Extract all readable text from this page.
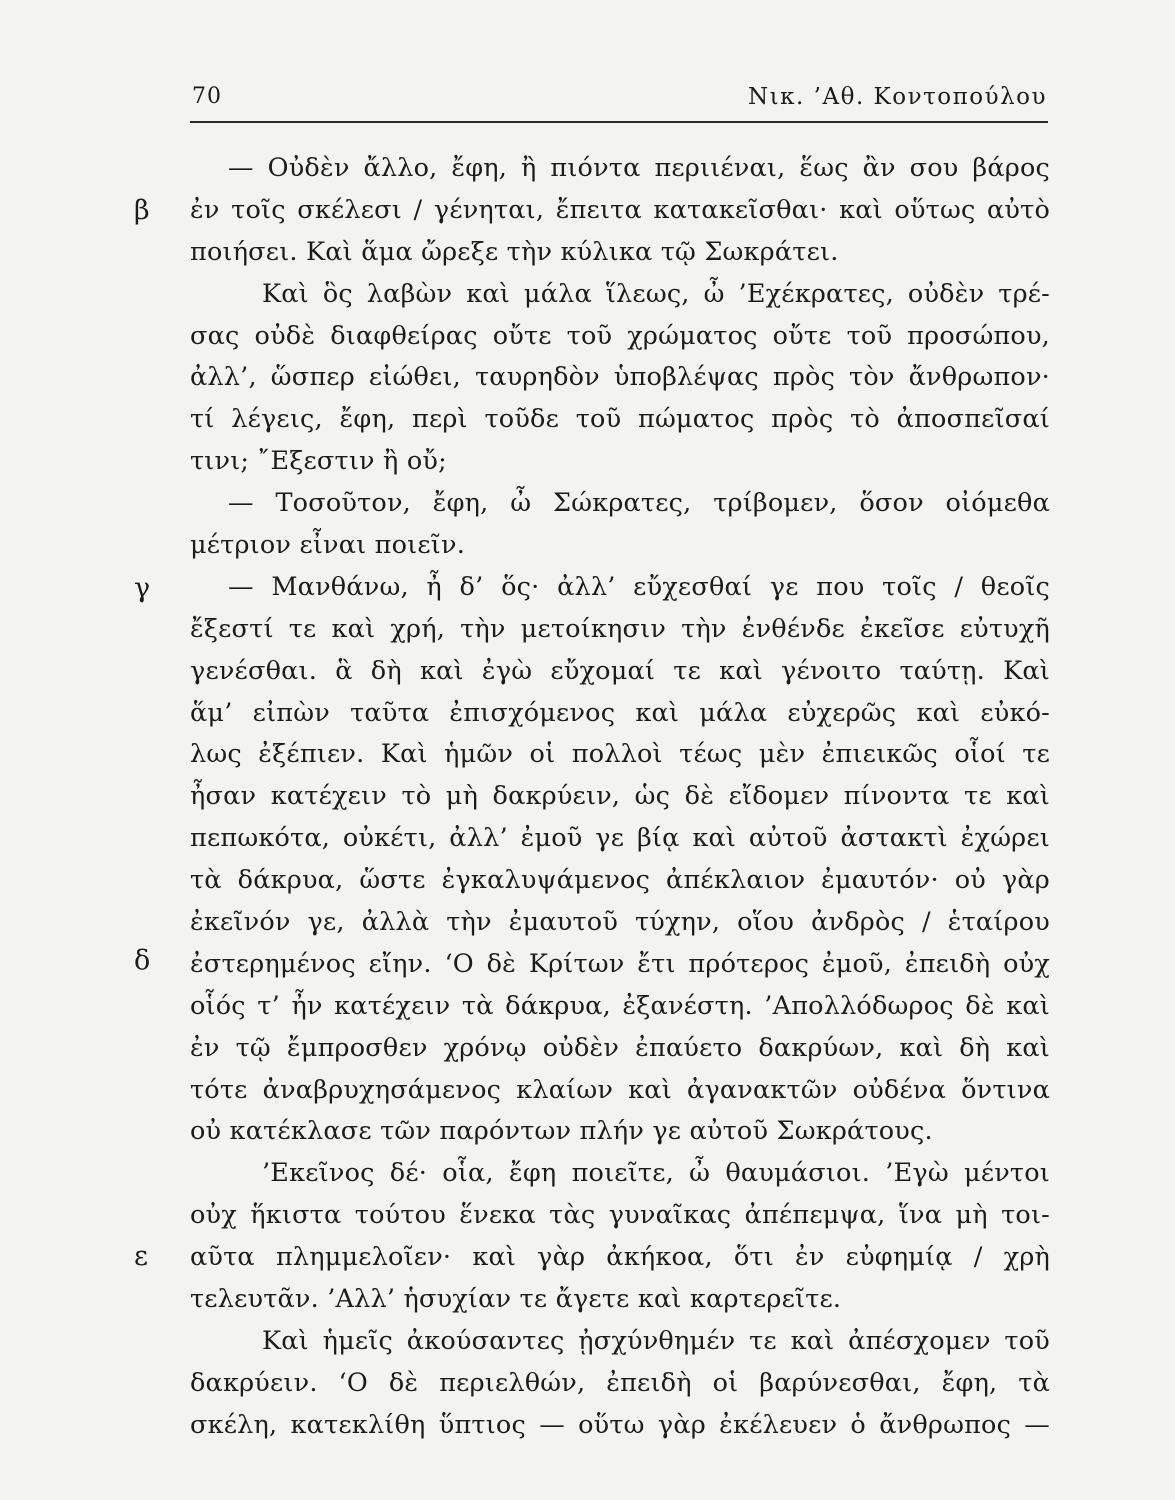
70	Νικ. ’Αθ. Κοντοπούλου
β
γ
δ
ε
— Οὐδὲν ἄλλο, ἔφη, ἢ πιόντα περιιέναι, ἕως ἂν σου βάρος
ἐν τοῖς σκέλεσι / γένηται, ἔπειτα κατακεῖσθαι· καὶ οὕτως αὐτὸ
ποιήσει. Καὶ ἅμα ὤρεξε τὴν κύλικα τῷ Σωκράτει.
Καὶ ὃς λαβὼν καὶ μάλα ἵλεως, ὦ ’Εχέκρατες, οὐδὲν τρέ-
σας οὐδὲ διαφθείρας οὔτε τοῦ χρώματος οὔτε τοῦ προσώπου,
ἀλλ’, ὥσπερ εἰώθει, ταυρηδὸν ὑποβλέψας πρὸς τὸν ἄνθρωπον·
τί λέγεις, ἔφη, περὶ τοῦδε τοῦ πώματος πρὸς τὸ ἀποσπεῖσαί
τινι; ῎Εξεστιν ἢ οὔ;
— Τοσοῦτον, ἔφη, ὦ Σώκρατες, τρίβομεν, ὅσον οἰόμεθα
μέτριον εἶναι ποιεῖν.
— Μανθάνω, ἦ δ’ ὅς· ἀλλ’ εὔχεσθαί γε που τοῖς / θεοῖς
ἔξεστί τε καὶ χρή, τὴν μετοίκησιν τὴν ἐνθένδε ἐκεῖσε εὐτυχῆ
γενέσθαι. ἃ δὴ καὶ ἐγὼ εὔχομαί τε καὶ γένοιτο ταύτῃ. Καὶ
ἅμ’ εἰπὼν ταῦτα ἐπισχόμενος καὶ μάλα εὐχερῶς καὶ εὐκό-
λως ἐξέπιεν. Καὶ ἡμῶν οἱ πολλοὶ τέως μὲν ἐπιεικῶς οἷοί τε
ἦσαν κατέχειν τὸ μὴ δακρύειν, ὡς δὲ εἴδομεν πίνοντα τε καὶ
πεπωκότα, οὐκέτι, ἀλλ’ ἐμοῦ γε βίᾳ καὶ αὐτοῦ ἀστακτὶ ἐχώρει
τὰ δάκρυα, ὥστε ἐγκαλυψάμενος ἀπέκλαιον ἐμαυτόν· οὐ γὰρ
ἐκεῖνόν γε, ἀλλὰ τὴν ἐμαυτοῦ τύχην, οἵου ἀνδρὸς / ἑταίρου
ἐστερημένος εἴην. ‘Ο δὲ Κρίτων ἔτι πρότερος ἐμοῦ, ἐπειδὴ οὐχ
οἷός τ’ ἦν κατέχειν τὰ δάκρυα, ἐξανέστη. ’Απολλόδωρος δὲ καὶ
ἐν τῷ ἔμπροσθεν χρόνῳ οὐδὲν ἐπαύετο δακρύων, καὶ δὴ καὶ
τότε ἀναβρυχησάμενος κλαίων καὶ ἀγανακτῶν οὐδένα ὅντινα
οὐ κατέκλασε τῶν παρόντων πλήν γε αὐτοῦ Σωκράτους.
’Εκεῖνος δέ· οἷα, ἔφη ποιεῖτε, ὦ θαυμάσιοι. ’Εγὼ μέντοι
οὐχ ἥκιστα τούτου ἕνεκα τὰς γυναῖκας ἀπέπεμψα, ἵνα μὴ τοι-
αῦτα πλημμελοῖεν· καὶ γὰρ ἀκήκοα, ὅτι ἐν εὐφημίᾳ / χρὴ
τελευτᾶν. ’Αλλ’ ἡσυχίαν τε ἄγετε καὶ καρτερεῖτε.
Καὶ ἡμεῖς ἀκούσαντες ᾐσχύνθημέν τε καὶ ἀπέσχομεν τοῦ
δακρύειν. ‘Ο δὲ περιελθών, ἐπειδὴ οἱ βαρύνεσθαι, ἔφη, τὰ
σκέλη, κατεκλίθη ὕπτιος — οὕτω γὰρ ἐκέλευεν ὁ ἄνθρωπος —
